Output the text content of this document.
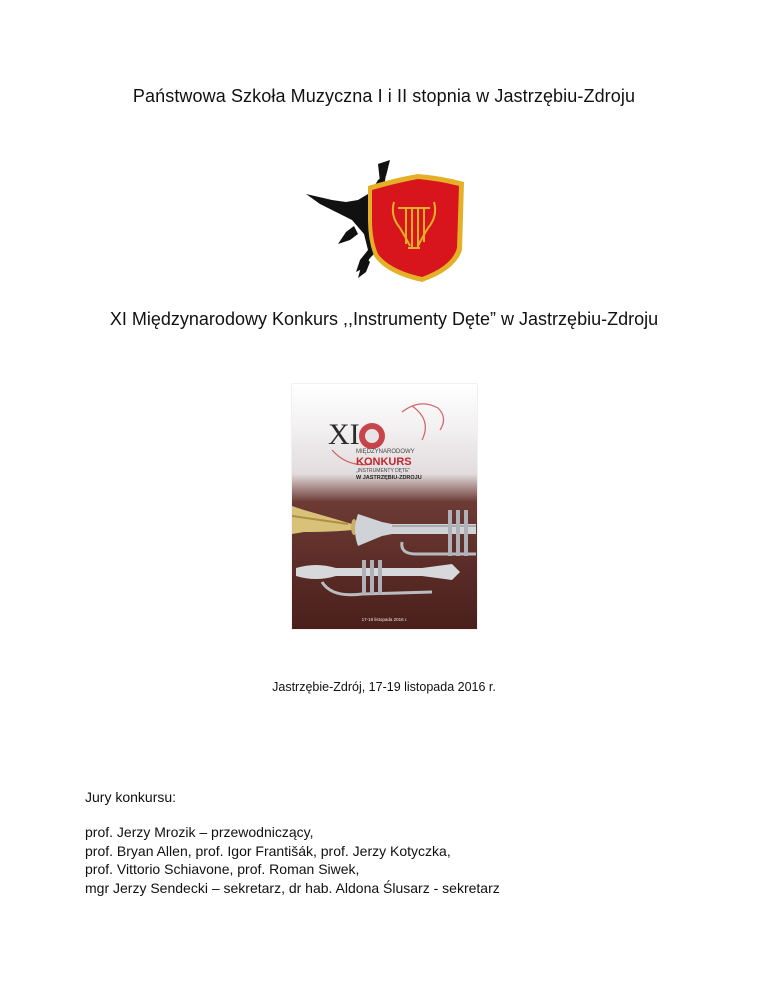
Państwowa Szkoła Muzyczna I i II stopnia w Jastrzębiu-Zdroju
XI Międzynarodowy Konkurs ,,Instrumenty Dęte” w Jastrzębiu-Zdroju
XI
MIĘDZYNARODOWY
KONKURS
„INSTRUMENTY DĘTE”
W JASTRZĘBIU-ZDROJU
17-19 listopada 2016 r.
Jastrzębie-Zdrój, 17-19 listopada 2016 r.
Jury konkursu:
prof. Jerzy Mrozik – przewodniczący,
prof. Bryan Allen, prof. Igor Františák, prof. Jerzy Kotyczka,
prof. Vittorio Schiavone, prof. Roman Siwek,
mgr Jerzy Sendecki – sekretarz, dr hab. Aldona Ślusarz - sekretarz
